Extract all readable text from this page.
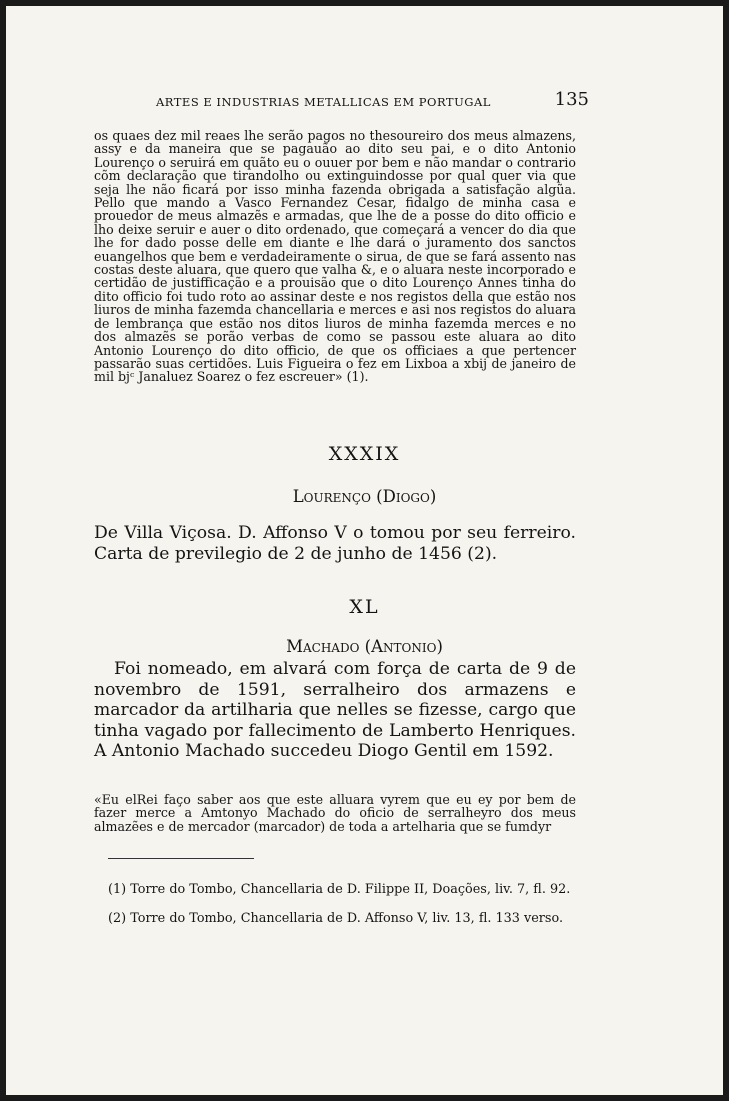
ARTES E INDUSTRIAS METALLICAS EM PORTUGAL	135

os quaes dez mil reaes lhe serão pagos no thesoureiro dos meus almazens, assy e da maneira que se pagauão ao dito seu pai, e o dito Antonio Lourenço o seruirá em quãto eu o ouuer por bem e não mandar o contrario cõm declaração que tirandolho ou extinguindosse por qual quer via que seja lhe não ficará por isso minha fazenda obrigada a satisfação algũa. Pello que mando a Vasco Fernandez Cesar, fidalgo de minha casa e prouedor de meus almazẽs e armadas, que lhe de a posse do dito officio e lho deixe seruir e auer o dito ordenado, que começará a vencer do dia que lhe for dado posse delle em diante e lhe dará o juramento dos sanctos euangelhos que bem e verdadeiramente o sirua, de que se fará assento nas costas deste aluara, que quero que valha &, e o aluara neste incorporado e certidão de justifficação e a prouisão que o dito Lourenço Annes tinha do dito officio foi tudo roto ao assinar deste e nos registos della que estão nos liuros de minha fazemda chancellaria e merces e asi nos registos do aluara de lembrança que estão nos ditos liuros de minha fazemda merces e no dos almazẽs se porão verbas de como se passou este aluara ao dito Antonio Lourenço do dito officio, de que os officiaes a que pertencer passarão suas certidões. Luis Figueira o fez em Lixboa a xbij de janeiro de mil bjᶜ Janaluez Soarez o fez escreuer» (1).

XXXIX
Lourenço (Diogo)

De Villa Viçosa. D. Affonso V o tomou por seu ferreiro. Carta de previlegio de 2 de junho de 1456 (2).

XL
Machado (Antonio)

Foi nomeado, em alvará com força de carta de 9 de novembro de 1591, serralheiro dos armazens e marcador da artilharia que nelles se fizesse, cargo que tinha vagado por fallecimento de Lamberto Henriques. A Antonio Machado succedeu Diogo Gentil em 1592.

«Eu elRei faço saber aos que este alluara vyrem que eu ey por bem de fazer merce a Amtonyo Machado do oficio de serralheyro dos meus almazẽes e de mercador (marcador) de toda a artelharia que se fumdyr

(1) Torre do Tombo, Chancellaria de D. Filippe II, Doações, liv. 7, fl. 92.

(2) Torre do Tombo, Chancellaria de D. Affonso V, liv. 13, fl. 133 verso.
